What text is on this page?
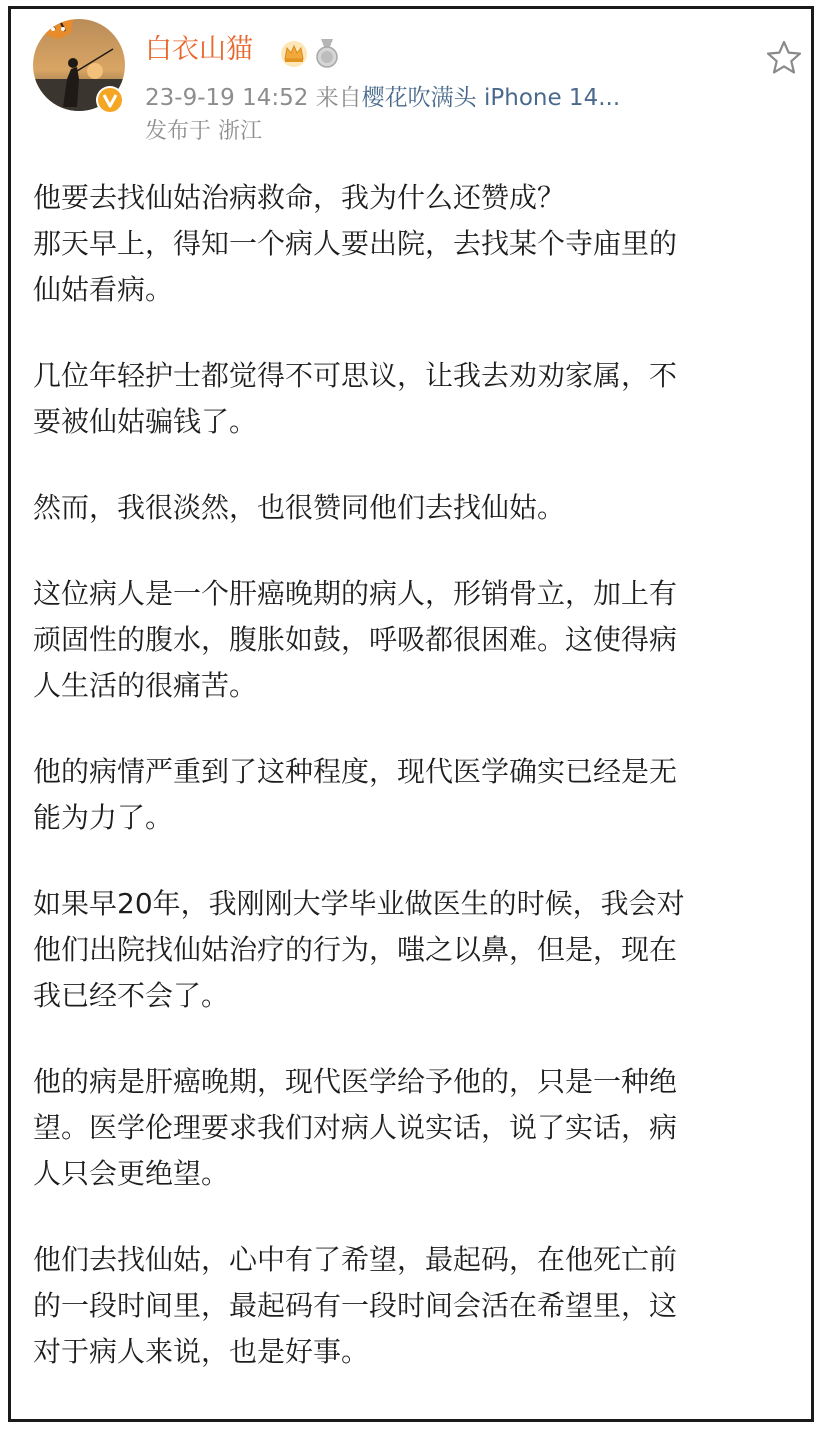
白衣山猫
23-9-19 14:52 来自樱花吹满头 iPhone 14...
发布于 浙江

他要去找仙姑治病救命，我为什么还赞成？
那天早上，得知一个病人要出院，去找某个寺庙里的
仙姑看病。

几位年轻护士都觉得不可思议，让我去劝劝家属，不
要被仙姑骗钱了。

然而，我很淡然，也很赞同他们去找仙姑。

这位病人是一个肝癌晚期的病人，形销骨立，加上有
顽固性的腹水，腹胀如鼓，呼吸都很困难。这使得病
人生活的很痛苦。

他的病情严重到了这种程度，现代医学确实已经是无
能为力了。

如果早20年，我刚刚大学毕业做医生的时候，我会对
他们出院找仙姑治疗的行为，嗤之以鼻，但是，现在
我已经不会了。

他的病是肝癌晚期，现代医学给予他的，只是一种绝
望。医学伦理要求我们对病人说实话，说了实话，病
人只会更绝望。

他们去找仙姑，心中有了希望，最起码，在他死亡前
的一段时间里，最起码有一段时间会活在希望里，这
对于病人来说，也是好事。
